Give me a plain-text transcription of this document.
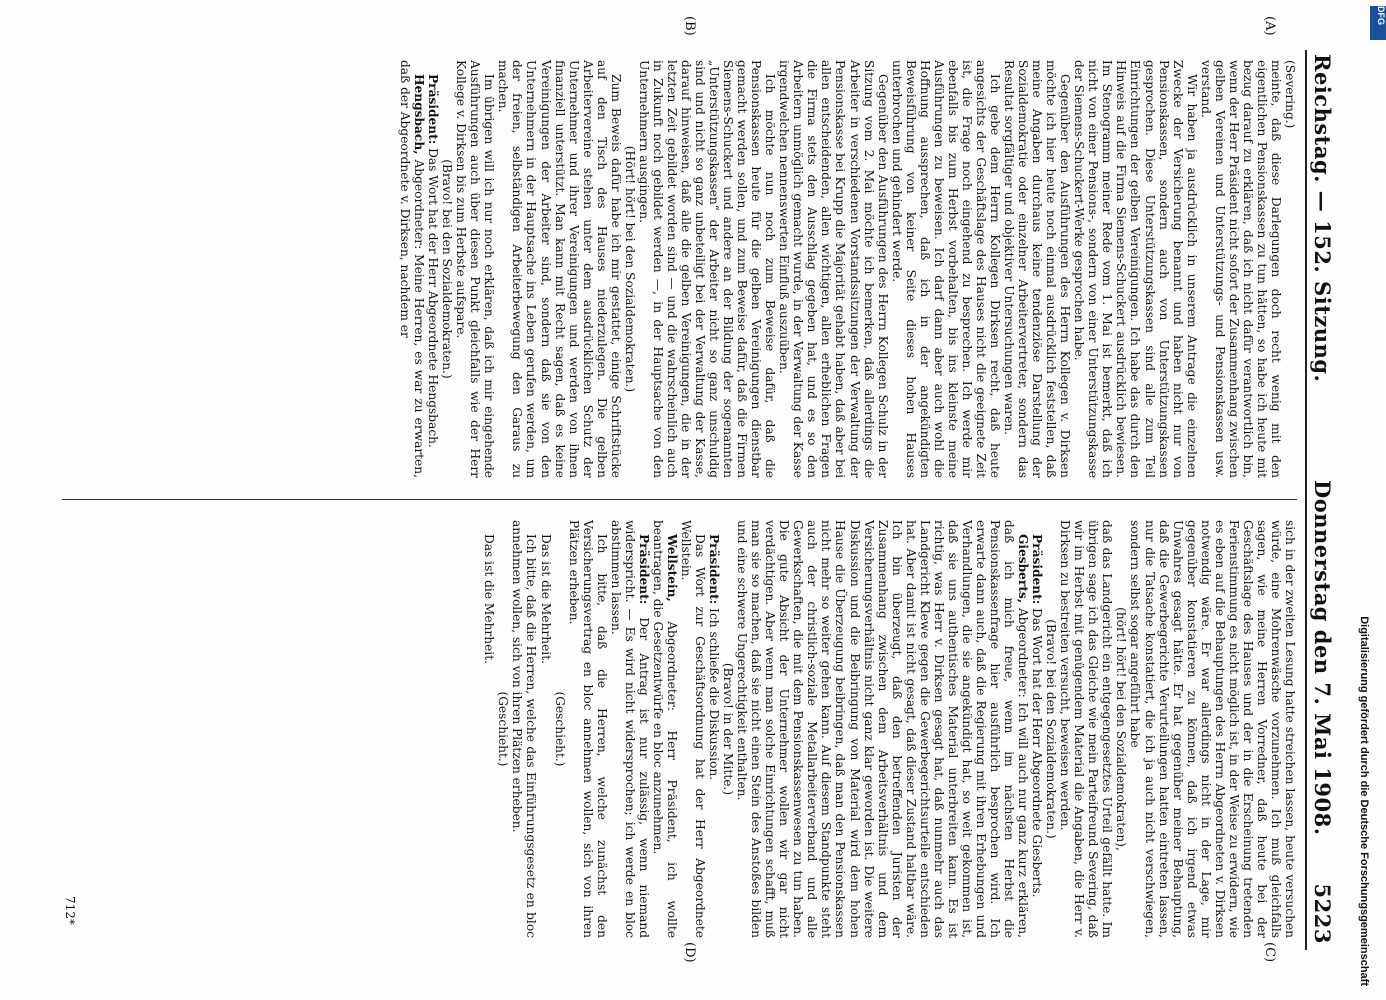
Reichstag. — 152. Sitzung.
Donnerstag den 7. Mai 1908.
5223
(A)
(B)
(C)
(D)

(Severing.)

meinte, daß diese Darlegungen doch recht wenig mit den eigentlichen Pensionskassen zu tun hätten, so habe ich heute mit bezug darauf zu erklären, daß ich nicht dafür verantwortlich bin, wenn der Herr Präsident nicht sofort der Zusammenhang zwischen gelben Vereinen und Unterstützungs- und Pensionskassen usw. verstand.

Wir haben ja ausdrücklich in unserem Antrage die einzelnen Zwecke der Versicherung benannt und haben nicht nur von Pensionskassen, sondern auch von Unterstützungskassen gesprochen. Diese Unterstützungskassen sind alle zum Teil Einrichtungen der gelben Vereinigungen. Ich habe das durch den Hinweis auf die Firma Siemens-Schuckert ausdrücklich bewiesen. Im Stenogramm meiner Rede vom 1. Mai ist bemerkt, daß ich nicht von einer Pensions-, sondern von einer Unterstützungskasse der Siemens-Schuckert-Werke gesprochen habe.

Gegenüber den Ausführungen des Herrn Kollegen v. Dirksen möchte ich hier heute noch einmal ausdrücklich feststellen, daß meine Angaben durchaus keine tendenziöse Darstellung der Sozialdemokratie oder einzelner Arbeitervertreter, sondern das Resultat sorgfältiger und objektiver Untersuchungen waren.

Ich gebe dem Herrn Kollegen Dirksen recht, daß heute angesichts der Geschäftslage des Hauses nicht die geeignete Zeit ist, die Frage noch eingehend zu besprechen. Ich werde mir ebenfalls bis zum Herbst vorbehalten, bis ins kleinste meine Ausführungen zu beweisen. Ich darf dann aber auch wohl die Hoffnung aussprechen, daß ich in der angekündigten Beweisführung von keiner Seite dieses hohen Hauses unterbrochen und gehindert werde.

Gegenüber den Ausführungen des Herrn Kollegen Schulz in der Sitzung vom 2. Mai möchte ich bemerken, daß allerdings die Arbeiter in verschiedenen Vorstandssitzungen der Verwaltung der Pensionskasse bei Krupp die Majorität gehabt haben, daß aber bei allen entscheidenden, allen wichtigen, allen erheblichen Fragen die Firma stets den Ausschlag gegeben hat, und es so den Arbeitern unmöglich gemacht wurde, in der Verwaltung der Kasse irgendwelchen nennenswerten Einfluß auszuüben.

Ich möchte nun noch zum Beweise dafür, daß die Pensionskassen heute für die gelben Vereinigungen dienstbar gemacht werden sollen, und zum Beweise dafür, daß die Firmen Siemens-Schuckert und andere an der Bildung der sogenannten „Unterstützungskassen“ der Arbeiter nicht so ganz unschuldig sind und nicht so ganz unbeteiligt bei der Verwaltung der Kasse, darauf hinweisen, daß alle die gelben Vereinigungen, die in der letzten Zeit gebildet worden sind — und die wahrscheinlich auch in Zukunft noch gebildet werden —, in der Hauptsache von den Unternehmern ausgingen.

(Hört! hört! bei den Sozialdemokraten.)

Zum Beweis dafür habe ich mir gestattet, einige Schriftstücke auf den Tisch des Hauses niederzulegen. Die gelben Arbeitervereine stehen unter dem ausdrücklichen Schutz der Unternehmer und ihrer Vereinigungen und werden von ihnen finanziell unterstützt. Man kann mit Recht sagen, daß es keine Vereinigungen der Arbeiter sind, sondern daß sie von den Unternehmern in der Hauptsache ins Leben gerufen werden, um der freien, selbständigen Arbeiterbewegung den Garaus zu machen.

Im übrigen will ich nur noch erklären, daß ich mir eingehende Ausführungen auch über diesen Punkt gleichfalls wie der Herr Kollege v. Dirksen bis zum Herbste aufspare.

(Bravo! bei den Sozialdemokraten.)

Präsident: Das Wort hat der Herr Abgeordnete Hengsbach.

Hengsbach, Abgeordneter: Meine Herren, es war zu erwarten, daß der Abgeordnete v. Dirksen, nachdem er

sich in der zweiten Lesung hatte streichen lassen, heute versuchen würde, eine Mohrenwäsche vorzunehmen. Ich muß gleichfalls sagen, wie meine Herren Vorredner, daß heute bei der Geschäftslage des Hauses und der in die Erscheinung tretenden Ferienstimmung es nicht möglich ist, in der Weise zu erwidern, wie es eben auf die Behauptungen des Herrn Abgeordneten v. Dirksen notwendig wäre. Er war allerdings nicht in der Lage, mir gegenüber konstatieren zu können, daß ich irgend etwas Unwahres gesagt hätte. Er hat gegenüber meiner Behauptung, daß die Gewerbegerichte Verurteilungen hatten eintreten lassen, nur die Tatsache konstatiert, die ich ja auch nicht verschwiegen, sondern selbst sogar angeführt habe

(hört! hört! bei den Sozialdemokraten),

daß das Landgericht ein entgegengesetztes Urteil gefällt hatte. Im übrigen sage ich das Gleiche wie mein Parteifreund Severing, daß wir im Herbst mit genügendem Material die Angaben, die Herr v. Dirksen zu bestreiten versucht, beweisen werden.

(Bravo! bei den Sozialdemokraten.)

Präsident: Das Wort hat der Herr Abgeordnete Giesberts.

Giesberts, Abgeordneter: Ich will auch nur ganz kurz erklären, daß ich mich freue, wenn im nächsten Herbst die Pensionskassenfrage hier ausführlich besprochen wird. Ich erwarte dann auch, daß die Regierung mit ihren Erhebungen und Verhandlungen, die sie angekündigt hat, so weit gekommen ist, daß sie uns authentisches Material unterbreiten kann. Es ist richtig, was Herr v. Dirksen gesagt hat, daß nunmehr auch das Landgericht Klewe gegen die Gewerbegerichtsurteile entschieden hat. Aber damit ist nicht gesagt, daß dieser Zustand haltbar wäre. Ich bin überzeugt, daß den betreffenden Juristen der Zusammenhang zwischen dem Arbeitsverhältnis und dem Versicherungsverhältnis nicht ganz klar geworden ist. Die weitere Diskussion und die Beibringung von Material wird dem hohen Hause die Überzeugung beibringen, daß man den Pensionskassen nicht mehr so weiter gehen kann. Auf diesem Standpunkte steht auch der christlich-soziale Metallarbeiterverband und alle Gewerkschaften, die mit dem Pensionskassenwesen zu tun haben. Die gute Absicht der Unternehmer wollen wir gar nicht verdächtigen. Aber wenn man solche Einrichtungen schafft, muß man sie so machen, daß sie nicht einen Stein des Anstoßes bilden und eine schwere Ungerechtigkeit enthalten.

(Bravo! in der Mitte.)

Präsident: Ich schließe die Diskussion.

Das Wort zur Geschäftsordnung hat der Herr Abgeordnete Wellstein.

Wellstein, Abgeordneter: Herr Präsident, ich wollte beantragen, die Gesetzentwürfe en bloc anzunehmen.

Präsident: Der Antrag ist nur zulässig, wenn niemand widerspricht. — Es wird nicht widersprochen; ich werde en bloc abstimmen lassen.

Ich bitte, daß die Herren, welche zunächst den Versicherungsvertrag en bloc annehmen wollen, sich von ihren Plätzen erheben.

(Geschieht.)

Das ist die Mehrheit.

Ich bitte, daß die Herren, welche das Einführungsgesetz en bloc annehmen wollen, sich von ihren Plätzen erheben.

(Geschieht.)

Das ist die Mehrheit.

712*	Digitalisierung gefördert durch die Deutsche Forschungsgemeinschaft
DFG
